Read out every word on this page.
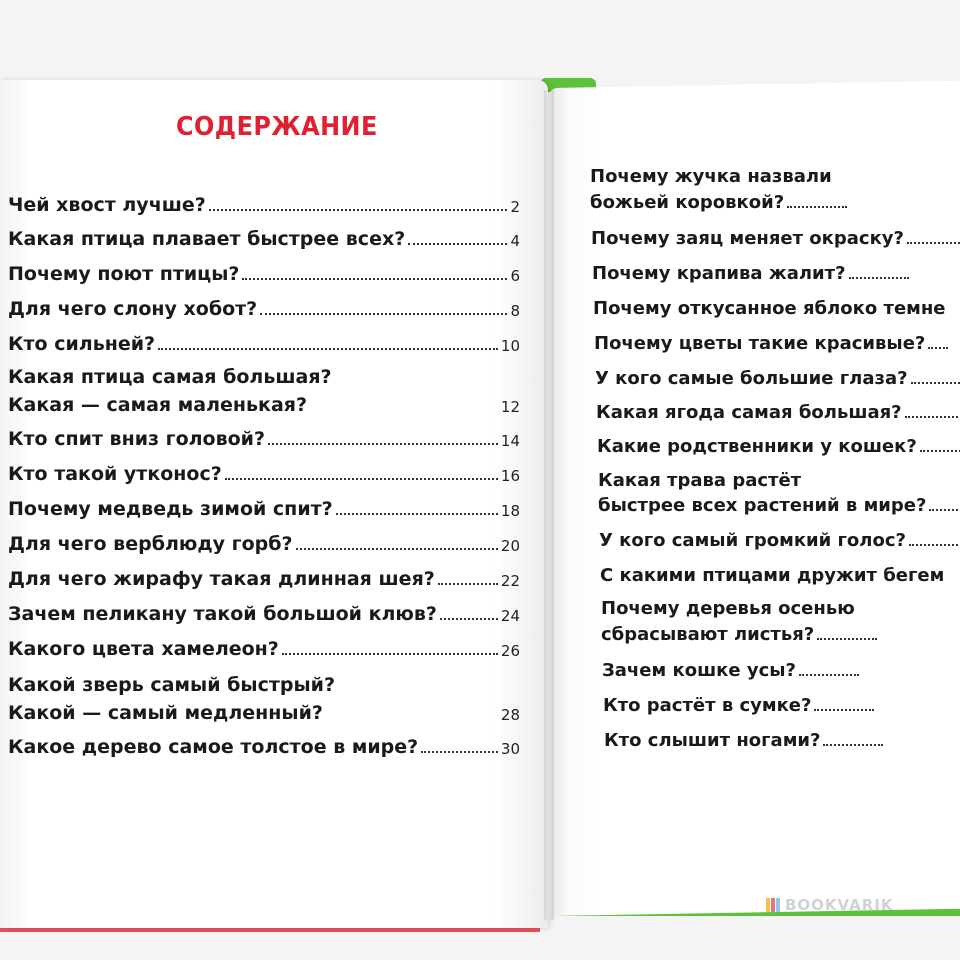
СОДЕРЖАНИЕ
Чей хвост лучше?	2
Какая птица плавает быстрее всех?	4
Почему поют птицы?	6
Для чего слону хобот?	8
Кто сильней?	10
Какая птица самая большая?
Какая — самая маленькая?	12
Кто спит вниз головой?	14
Кто такой утконос?	16
Почему медведь зимой спит?	18
Для чего верблюду горб?	20
Для чего жирафу такая длинная шея?	22
Зачем пеликану такой большой клюв?	24
Какого цвета хамелеон?	26
Какой зверь самый быстрый?
Какой — самый медленный?	28
Какое дерево самое толстое в мире?	30
Почему жучка назвали
божьей коровкой?
Почему заяц меняет окраску?
Почему крапива жалит?
Почему откусанное яблоко темне
Почему цветы такие красивые?
У кого самые большие глаза?
Какая ягода самая большая?
Какие родственники у кошек?
Какая трава растёт
быстрее всех растений в мире?
У кого самый громкий голос?
С какими птицами дружит бегем
Почему деревья осенью
сбрасывают листья?
Зачем кошке усы?
Кто растёт в сумке?
Кто слышит ногами?
BOOKVARIK
